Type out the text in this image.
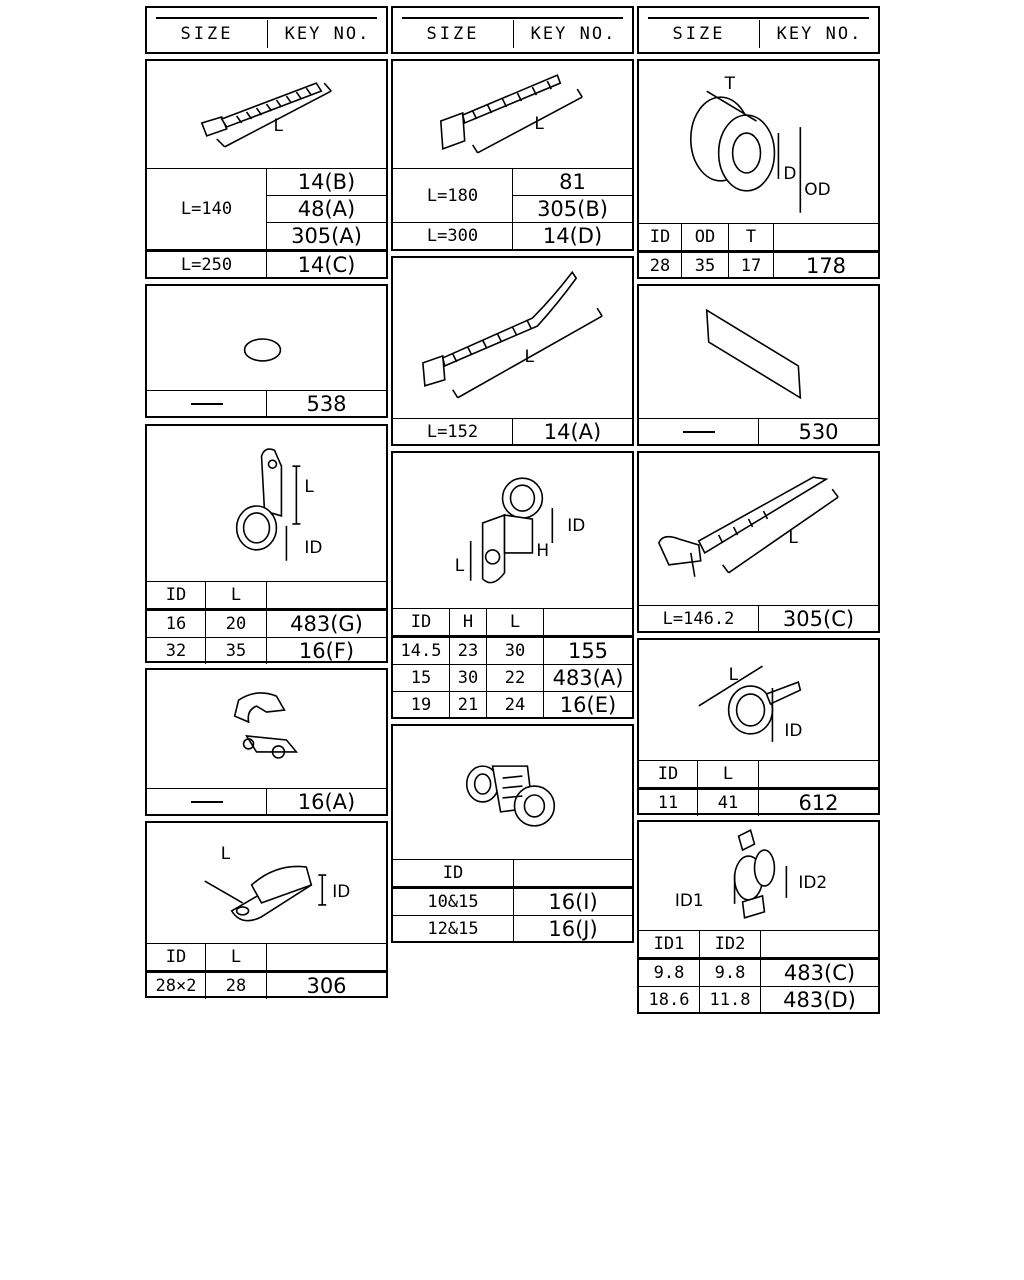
SIZE	KEY NO.	SIZE	KEY NO.	SIZE	KEY NO.
L
L=140	14(B)
	48(A)
	305(A)
L=250	14(C)
	538
L
ID
ID	L	
16	20	483(G)
32	35	16(F)
	16(A)
L
ID
ID	L	
28×2	28	306
L
L=180	81
	305(B)
L=300	14(D)
L
L=152	14(A)
ID
H
L
ID	H	L	
14.5	23	30	155
15	30	22	483(A)
19	21	24	16(E)
ID	
10&15	16(I)
12&15	16(J)
T
D
OD
ID	OD	T	
28	35	17	178
	530
L
L=146.2	305(C)
L
ID
ID	L	
11	41	612
ID1
ID2
ID1	ID2	
9.8	9.8	483(C)
18.6	11.8	483(D)
